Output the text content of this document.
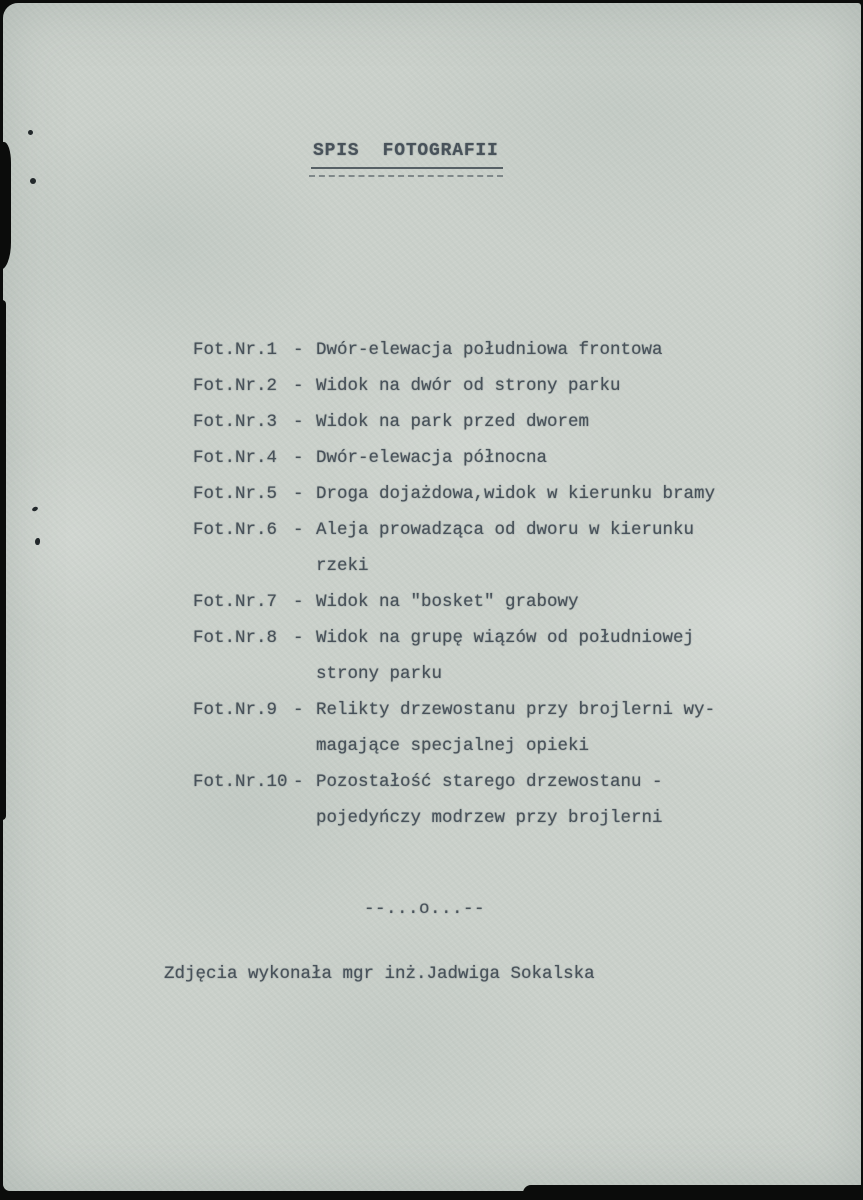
SPIS  FOTOGRAFII
Fot.Nr.1 - Dwór-elewacja południowa frontowa
Fot.Nr.2 - Widok na dwór od strony parku
Fot.Nr.3 - Widok na park przed dworem
Fot.Nr.4 - Dwór-elewacja północna
Fot.Nr.5 - Droga dojażdowa,widok w kierunku bramy
Fot.Nr.6 - Aleja prowadząca od dworu w kierunku
rzeki
Fot.Nr.7 - Widok na "bosket" grabowy
Fot.Nr.8 - Widok na grupę wiązów od południowej
strony parku
Fot.Nr.9 - Relikty drzewostanu przy brojlerni wy-
magające specjalnej opieki
Fot.Nr.10 - Pozostałość starego drzewostanu -
pojedyńczy modrzew przy brojlerni
--...o...--
Zdjęcia wykonała mgr inż.Jadwiga Sokalska
